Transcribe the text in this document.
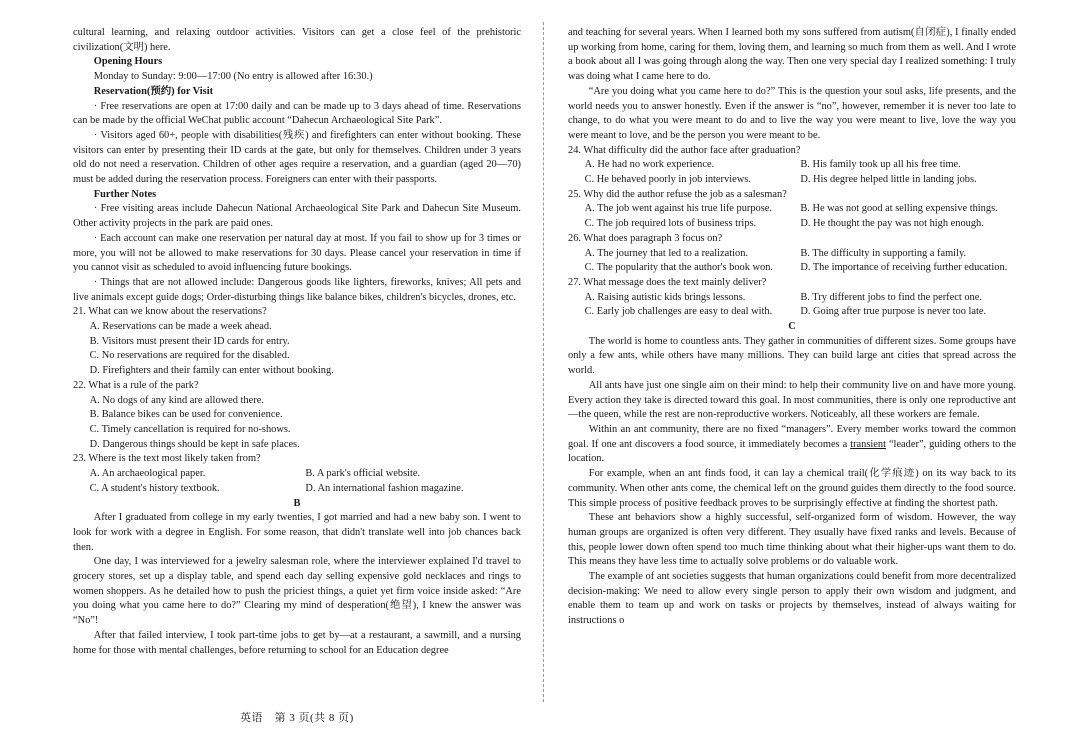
cultural learning, and relaxing outdoor activities. Visitors can get a close feel of the prehistoric civilization(文明) here.

Opening Hours

Monday to Sunday: 9:00—17:00 (No entry is allowed after 16:30.)

Reservation(预约) for Visit

· Free reservations are open at 17:00 daily and can be made up to 3 days ahead of time. Reservations can be made by the official WeChat public account “Dahecun Archaeological Site Park”.

· Visitors aged 60+, people with disabilities(残疾) and firefighters can enter without booking. These visitors can enter by presenting their ID cards at the gate, but only for themselves. Children under 3 years old do not need a reservation. Children of other ages require a reservation, and a guardian (aged 20—70) must be added during the reservation process. Foreigners can enter with their passports.

Further Notes

· Free visiting areas include Dahecun National Archaeological Site Park and Dahecun Site Museum. Other activity projects in the park are paid ones.

· Each account can make one reservation per natural day at most. If you fail to show up for 3 times or more, you will not be allowed to make reservations for 30 days. Please cancel your reservation in time if you cannot visit as scheduled to avoid influencing future bookings.

· Things that are not allowed include: Dangerous goods like lighters, fireworks, knives; All pets and live animals except guide dogs; Order-disturbing things like balance bikes, children's bicycles, drones, etc.

21. What can we know about the reservations?

A. Reservations can be made a week ahead.

B. Visitors must present their ID cards for entry.

C. No reservations are required for the disabled.

D. Firefighters and their family can enter without booking.

22. What is a rule of the park?

A. No dogs of any kind are allowed there.

B. Balance bikes can be used for convenience.

C. Timely cancellation is required for no-shows.

D. Dangerous things should be kept in safe places.

23. Where is the text most likely taken from?

A. An archaeological paper.	B. A park's official website.
C. A student's history textbook.	D. An international fashion magazine.

B

After I graduated from college in my early twenties, I got married and had a new baby son. I went to look for work with a degree in English. For some reason, that didn't translate well into job chances back then.

One day, I was interviewed for a jewelry salesman role, where the interviewer explained I'd travel to grocery stores, set up a display table, and spend each day selling expensive gold necklaces and rings to women shoppers. As he detailed how to push the priciest things, a quiet yet firm voice inside asked: “Are you doing what you came here to do?” Clearing my mind of desperation(绝望), I knew the answer was “No”!

After that failed interview, I took part-time jobs to get by—at a restaurant, a sawmill, and a nursing home for those with mental challenges, before returning to school for an Education degree

and teaching for several years. When I learned both my sons suffered from autism(自闭症), I finally ended up working from home, caring for them, loving them, and learning so much from them as well. And I wrote a book about all I was going through along the way. Then one very special day I realized something: I truly was doing what I came here to do.

“Are you doing what you came here to do?” This is the question your soul asks, life presents, and the world needs you to answer honestly. Even if the answer is “no”, however, remember it is never too late to change, to do what you were meant to do and to live the way you were meant to live, love the way you were meant to love, and be the person you were meant to be.

24. What difficulty did the author face after graduation?

A. He had no work experience.	B. His family took up all his free time.
C. He behaved poorly in job interviews.	D. His degree helped little in landing jobs.

25. Why did the author refuse the job as a salesman?

A. The job went against his true life purpose.	B. He was not good at selling expensive things.
C. The job required lots of business trips.	D. He thought the pay was not high enough.

26. What does paragraph 3 focus on?

A. The journey that led to a realization.	B. The difficulty in supporting a family.
C. The popularity that the author's book won.	D. The importance of receiving further education.

27. What message does the text mainly deliver?

A. Raising autistic kids brings lessons.	B. Try different jobs to find the perfect one.
C. Early job challenges are easy to deal with.	D. Going after true purpose is never too late.

C

The world is home to countless ants. They gather in communities of different sizes. Some groups have only a few ants, while others have many millions. They can build large ant cities that spread across the world.

All ants have just one single aim on their mind: to help their community live on and have more young. Every action they take is directed toward this goal. In most communities, there is only one reproductive ant—the queen, while the rest are non-reproductive workers. Noticeably, all these workers are female.

Within an ant community, there are no fixed “managers”. Every member works toward the common goal. If one ant discovers a food source, it immediately becomes a transient “leader”, guiding others to the location.

For example, when an ant finds food, it can lay a chemical trail(化学痕迹) on its way back to its community. When other ants come, the chemical left on the ground guides them directly to the food source. This simple process of positive feedback proves to be surprisingly effective at finding the shortest path.

These ant behaviors show a highly successful, self-organized form of wisdom. However, the way human groups are organized is often very different. They usually have fixed ranks and levels. Because of this, people lower down often spend too much time thinking about what their higher-ups want them to do. This means they have less time to actually solve problems or do valuable work.

The example of ant societies suggests that human organizations could benefit from more decentralized decision-making: We need to allow every single person to apply their own wisdom and judgment, and enable them to team up and work on tasks or projects by themselves, instead of always waiting for instructions o

英语　第 3 页(共 8 页)
